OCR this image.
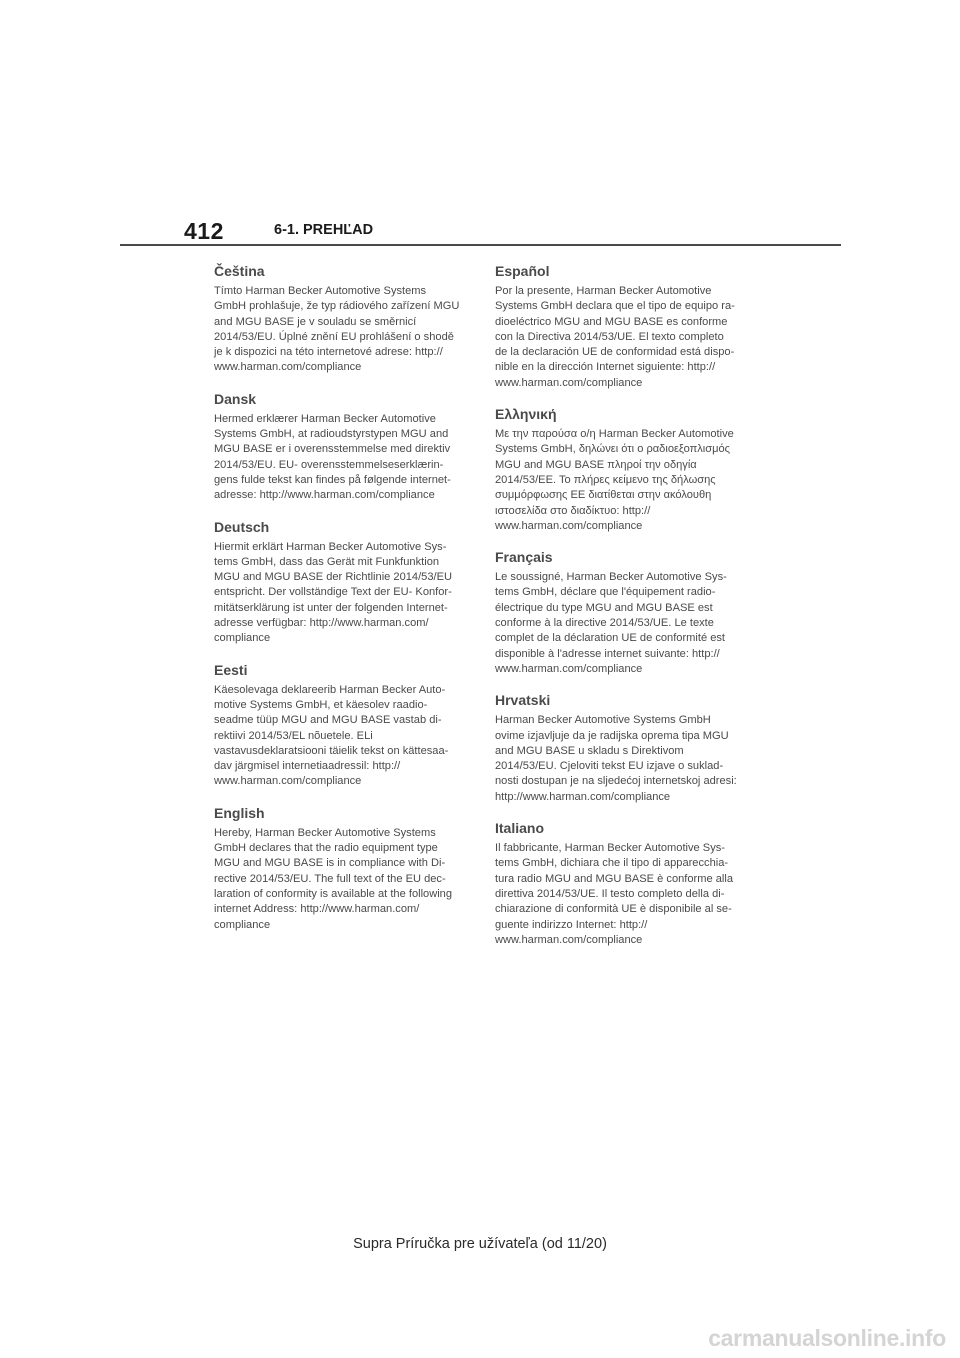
412	6-1. PREHĽAD
Čeština

Tímto Harman Becker Automotive Systems
GmbH prohlašuje, že typ rádiového zařízení MGU
and MGU BASE je v souladu se směrnicí
2014/53/EU. Úplné znění EU prohlášení o shodě
je k dispozici na této internetové adrese: http://
www.harman.com/compliance

Dansk

Hermed erklærer Harman Becker Automotive
Systems GmbH, at radioudstyrstypen MGU and
MGU BASE er i overensstemmelse med direktiv
2014/53/EU. EU- overensstemmelseserklærin-
gens fulde tekst kan findes på følgende internet-
adresse: http://www.harman.com/compliance

Deutsch

Hiermit erklärt Harman Becker Automotive Sys-
tems GmbH, dass das Gerät mit Funkfunktion
MGU and MGU BASE der Richtlinie 2014/53/EU
entspricht. Der vollständige Text der EU- Konfor-
mitätserklärung ist unter der folgenden Internet-
adresse verfügbar: http://www.harman.com/
compliance

Eesti

Käesolevaga deklareerib Harman Becker Auto-
motive Systems GmbH, et käesolev raadio-
seadme tüüp MGU and MGU BASE vastab di-
rektiivi 2014/53/EL nõuetele. ELi
vastavusdeklaratsiooni täielik tekst on kättesaa-
dav järgmisel internetiaadressil: http://
www.harman.com/compliance

English

Hereby, Harman Becker Automotive Systems
GmbH declares that the radio equipment type
MGU and MGU BASE is in compliance with Di-
rective 2014/53/EU. The full text of the EU dec-
laration of conformity is available at the following
internet Address: http://www.harman.com/
compliance

Español

Por la presente, Harman Becker Automotive
Systems GmbH declara que el tipo de equipo ra-
dioeléctrico MGU and MGU BASE es conforme
con la Directiva 2014/53/UE. El texto completo
de la declaración UE de conformidad está dispo-
nible en la dirección Internet siguiente: http://
www.harman.com/compliance

Ελληνική

Με την παρούσα ο/η Harman Becker Automotive
Systems GmbH, δηλώνει ότι ο ραδιοεξοπλισμός
MGU and MGU BASE πληροί την οδηγία
2014/53/ΕΕ. Το πλήρες κείμενο της δήλωσης
συμμόρφωσης ΕΕ διατίθεται στην ακόλουθη
ιστοσελίδα στο διαδίκτυο: http://
www.harman.com/compliance

Français

Le soussigné, Harman Becker Automotive Sys-
tems GmbH, déclare que l'équipement radio-
électrique du type MGU and MGU BASE est
conforme à la directive 2014/53/UE. Le texte
complet de la déclaration UE de conformité est
disponible à l'adresse internet suivante: http://
www.harman.com/compliance

Hrvatski

Harman Becker Automotive Systems GmbH
ovime izjavljuje da je radijska oprema tipa MGU
and MGU BASE u skladu s Direktivom
2014/53/EU. Cjeloviti tekst EU izjave o suklad-
nosti dostupan je na sljedećoj internetskoj adresi:
http://www.harman.com/compliance

Italiano

Il fabbricante, Harman Becker Automotive Sys-
tems GmbH, dichiara che il tipo di apparecchia-
tura radio MGU and MGU BASE è conforme alla
direttiva 2014/53/UE. Il testo completo della di-
chiarazione di conformità UE è disponibile al se-
guente indirizzo Internet: http://
www.harman.com/compliance

Supra Príručka pre užívateľa (od 11/20)
carmanualsonline.info
